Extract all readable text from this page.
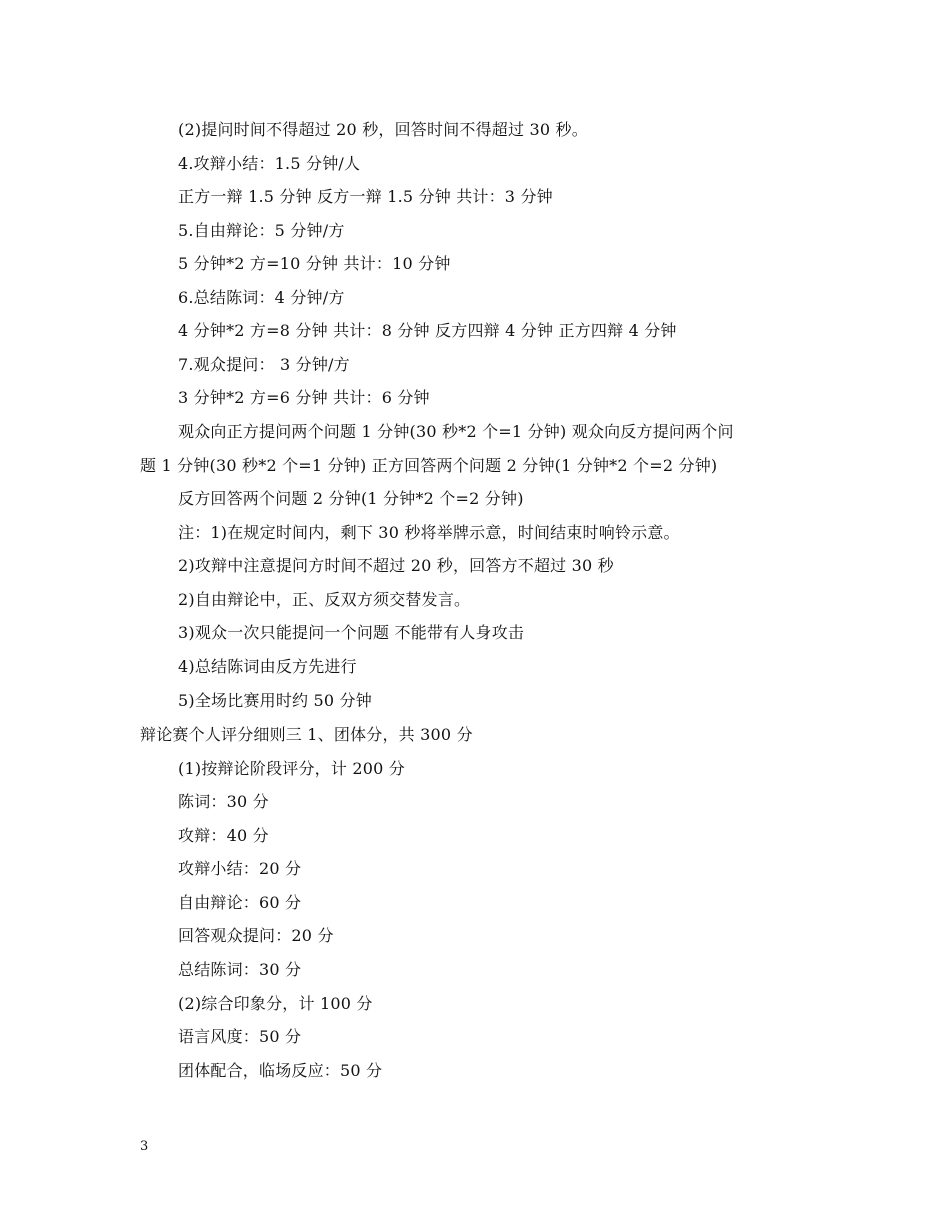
(2)提问时间不得超过 20 秒，回答时间不得超过 30 秒。
4.攻辩小结：1.5 分钟/人
正方一辩 1.5 分钟 反方一辩 1.5 分钟 共计：3 分钟
5.自由辩论：5 分钟/方
5 分钟*2 方=10 分钟 共计：10 分钟
6.总结陈词：4 分钟/方
4 分钟*2 方=8 分钟 共计：8 分钟 反方四辩 4 分钟 正方四辩 4 分钟
7.观众提问： 3 分钟/方
3 分钟*2 方=6 分钟 共计：6 分钟
观众向正方提问两个问题 1 分钟(30 秒*2 个=1 分钟) 观众向反方提问两个问
题 1 分钟(30 秒*2 个=1 分钟) 正方回答两个问题 2 分钟(1 分钟*2 个=2 分钟)
反方回答两个问题 2 分钟(1 分钟*2 个=2 分钟)
注：1)在规定时间内，剩下 30 秒将举牌示意，时间结束时响铃示意。
2)攻辩中注意提问方时间不超过 20 秒，回答方不超过 30 秒
2)自由辩论中，正、反双方须交替发言。
3)观众一次只能提问一个问题 不能带有人身攻击
4)总结陈词由反方先进行
5)全场比赛用时约 50 分钟
辩论赛个人评分细则三 1、团体分，共 300 分
(1)按辩论阶段评分，计 200 分
陈词：30 分
攻辩：40 分
攻辩小结：20 分
自由辩论：60 分
回答观众提问：20 分
总结陈词：30 分
(2)综合印象分，计 100 分
语言风度：50 分
团体配合，临场反应：50 分
3
